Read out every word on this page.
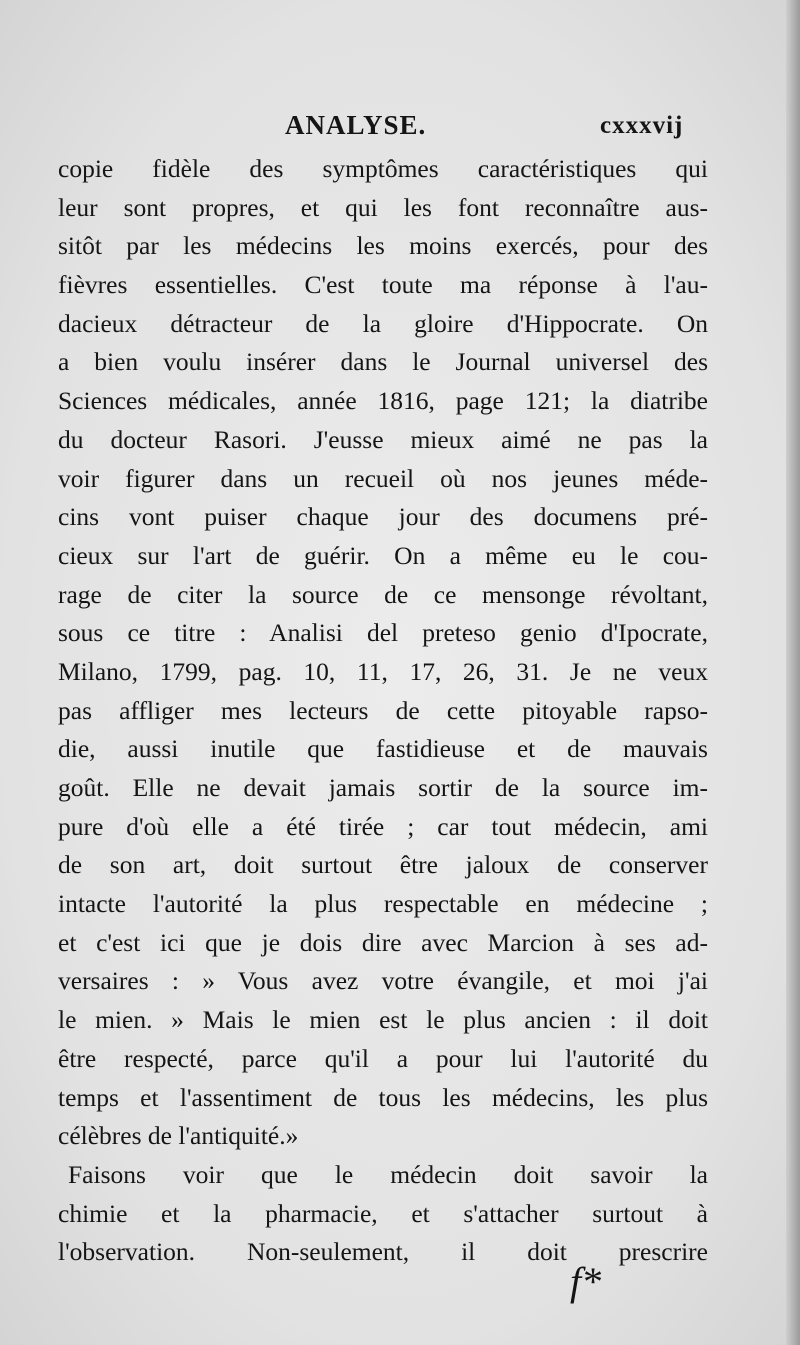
ANALYSE.	cxxxvij
copie fidèle des symptômes caractéristiques qui
leur sont propres, et qui les font reconnaître aus-
sitôt par les médecins les moins exercés, pour des
fièvres essentielles. C'est toute ma réponse à l'au-
dacieux détracteur de la gloire d'Hippocrate. On
a bien voulu insérer dans le Journal universel des
Sciences médicales, année 1816, page 121; la diatribe
du docteur Rasori. J'eusse mieux aimé ne pas la
voir figurer dans un recueil où nos jeunes méde-
cins vont puiser chaque jour des documens pré-
cieux sur l'art de guérir. On a même eu le cou-
rage de citer la source de ce mensonge révoltant,
sous ce titre : Analisi del preteso genio d'Ipocrate,
Milano, 1799, pag. 10, 11, 17, 26, 31. Je ne veux
pas affliger mes lecteurs de cette pitoyable rapso-
die, aussi inutile que fastidieuse et de mauvais
goût. Elle ne devait jamais sortir de la source im-
pure d'où elle a été tirée ; car tout médecin, ami
de son art, doit surtout être jaloux de conserver
intacte l'autorité la plus respectable en médecine ;
et c'est ici que je dois dire avec Marcion à ses ad-
versaires : » Vous avez votre évangile, et moi j'ai
le mien. » Mais le mien est le plus ancien : il doit
être respecté, parce qu'il a pour lui l'autorité du
temps et l'assentiment de tous les médecins, les plus
célèbres de l'antiquité.»
Faisons voir que le médecin doit savoir la
chimie et la pharmacie, et s'attacher surtout à
l'observation. Non-seulement, il doit prescrire
f*
